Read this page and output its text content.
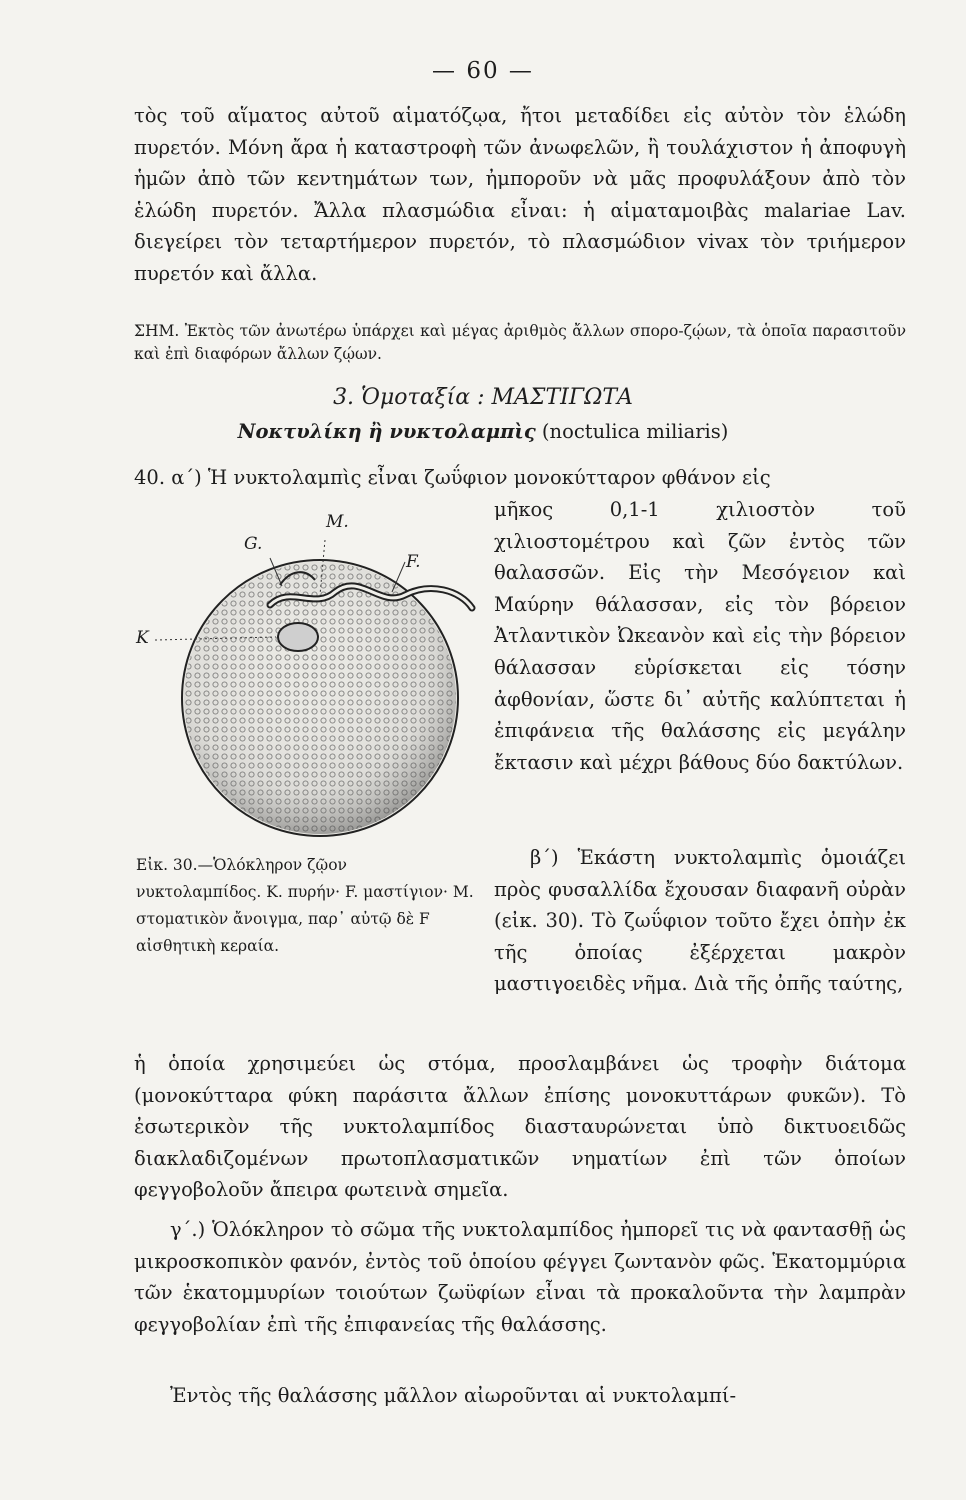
— 60 —

τὸς τοῦ αἵματος αὐτοῦ αἱματόζῳα, ἤτοι μεταδίδει εἰς αὐτὸν τὸν ἑλώδη πυρετόν. Μόνη ἄρα ἡ καταστροφὴ τῶν ἀνωφελῶν, ἢ τουλάχιστον ἡ ἀποφυγὴ ἡμῶν ἀπὸ τῶν κεντημάτων των, ἠμποροῦν νὰ μᾶς προφυλάξουν ἀπὸ τὸν ἑλώδη πυρετόν. Ἄλλα πλασμώδια εἶναι: ἡ αἱματαμοιβὰς malariae Lav. διεγείρει τὸν τεταρτήμερον πυρετόν, τὸ πλασμώδιον vivax τὸν τριήμερον πυρετόν καὶ ἄλλα.

ΣΗΜ. Ἐκτὸς τῶν ἀνωτέρω ὑπάρχει καὶ μέγας ἀριθμὸς ἄλλων σπορο-ζῴων, τὰ ὁποῖα παρασιτοῦν καὶ ἐπὶ διαφόρων ἄλλων ζῴων.
3. Ὁμοταξία : ΜΑΣΤΙΓΩΤΑ
Νοκτυλίκη ἢ νυκτολαμπὶς (noctulica miliaris)
40. α΄) Ἡ νυκτολαμπὶς εἶναι ζωΰφιον μονοκύτταρον φθάνον εἰς
M.
G.
F.
K

μῆκος 0,1-1 χιλιοστὸν τοῦ χιλιοστομέτρου καὶ ζῶν ἐντὸς τῶν θαλασσῶν. Εἰς τὴν Μεσόγειον καὶ Μαύρην θάλασσαν, εἰς τὸν βόρειον Ἀτλαντικὸν Ὠκεανὸν καὶ εἰς τὴν βόρειον θάλασσαν εὑρίσκεται εἰς τόσην ἀφθονίαν, ὥστε δι᾿ αὐτῆς καλύπτεται ἡ ἐπιφάνεια τῆς θαλάσσης εἰς μεγάλην ἔκτασιν καὶ μέχρι βάθους δύο δακτύλων.

β΄) Ἑκάστη νυκτολαμπὶς ὁμοιάζει πρὸς φυσαλλίδα ἔχουσαν διαφανῆ οὐρὰν (εἰκ. 30). Τὸ ζωΰφιον τοῦτο ἔχει ὀπὴν ἐκ τῆς ὁποίας ἐξέρχεται μακρὸν μαστιγοειδὲς νῆμα. Διὰ τῆς ὀπῆς ταύτης,

Εἰκ. 30.—Ὁλόκληρον ζῷον νυκτολαμπίδος. K. πυρήν· F. μαστίγιον· M. στοματικὸν ἄνοιγμα, παρ᾿ αὐτῷ δὲ F αἰσθητικὴ κεραία.

ἡ ὁποία χρησιμεύει ὡς στόμα, προσλαμβάνει ὡς τροφὴν διάτομα (μονοκύτταρα φύκη παράσιτα ἄλλων ἐπίσης μονοκυττάρων φυκῶν). Τὸ ἐσωτερικὸν τῆς νυκτολαμπίδος διασταυρώνεται ὑπὸ δικτυοειδῶς διακλαδιζομένων πρωτοπλασματικῶν νηματίων ἐπὶ τῶν ὁποίων φεγγοβολοῦν ἄπειρα φωτεινὰ σημεῖα.

γ΄.) Ὁλόκληρον τὸ σῶμα τῆς νυκτολαμπίδος ἠμπορεῖ τις νὰ φαντασθῇ ὡς μικροσκοπικὸν φανόν, ἐντὸς τοῦ ὁποίου φέγγει ζωντανὸν φῶς. Ἑκατομμύρια τῶν ἑκατομμυρίων τοιούτων ζωϋφίων εἶναι τὰ προκαλοῦντα τὴν λαμπρὰν φεγγοβολίαν ἐπὶ τῆς ἐπιφανείας τῆς θαλάσσης.

Ἐντὸς τῆς θαλάσσης μᾶλλον αἰωροῦνται αἱ νυκτολαμπί-
